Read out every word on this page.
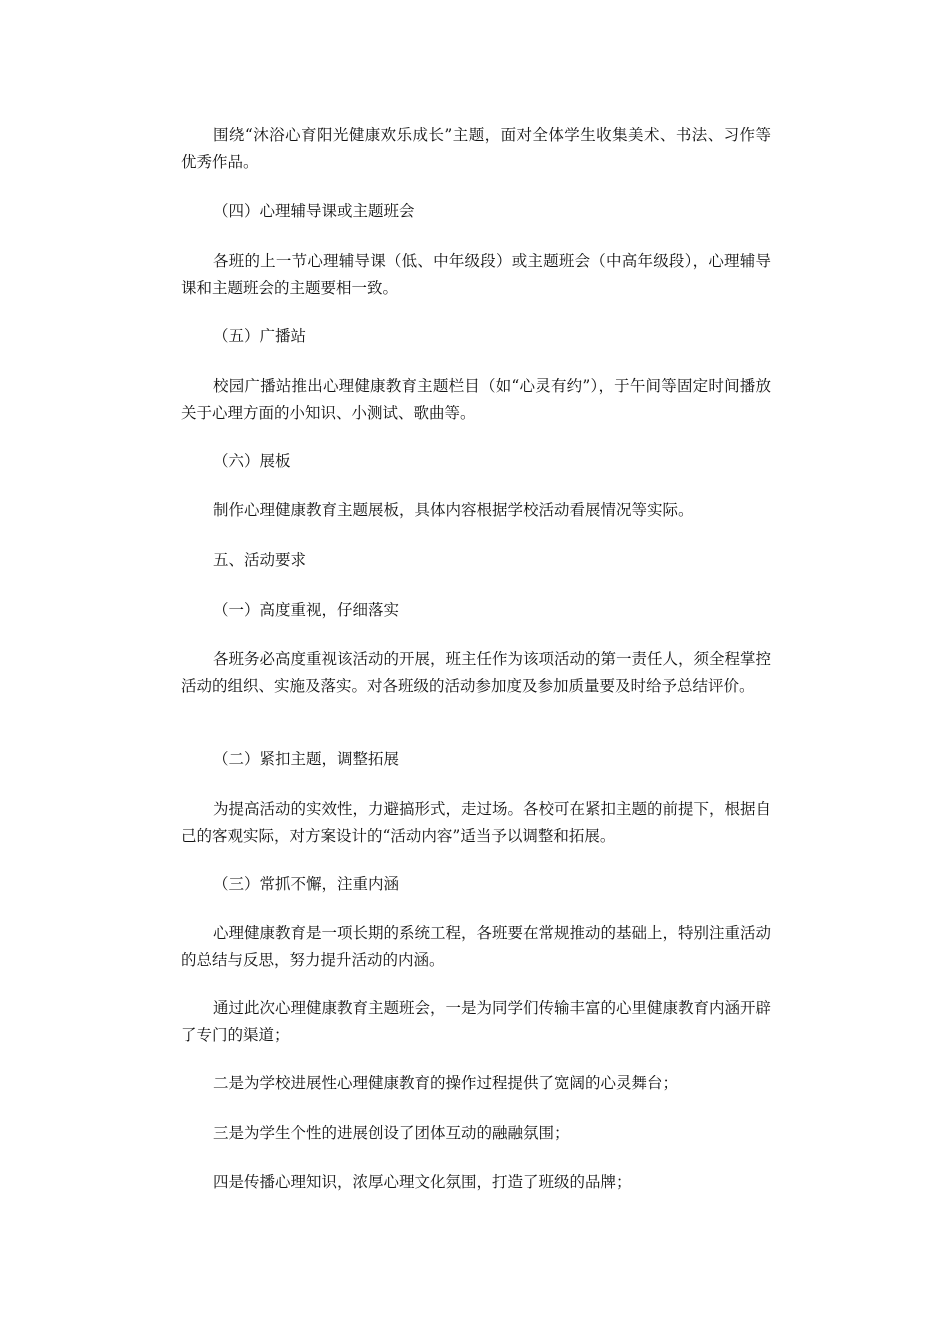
围绕“沐浴心育阳光健康欢乐成长”主题，面对全体学生收集美术、书法、习作等优秀作品。

（四）心理辅导课或主题班会

各班的上一节心理辅导课（低、中年级段）或主题班会（中高年级段），心理辅导课和主题班会的主题要相一致。

（五）广播站

校园广播站推出心理健康教育主题栏目（如“心灵有约”），于午间等固定时间播放关于心理方面的小知识、小测试、歌曲等。

（六）展板

制作心理健康教育主题展板，具体内容根据学校活动看展情况等实际。

五、活动要求

（一）高度重视，仔细落实

各班务必高度重视该活动的开展，班主任作为该项活动的第一责任人，须全程掌控活动的组织、实施及落实。对各班级的活动参加度及参加质量要及时给予总结评价。

（二）紧扣主题，调整拓展

为提高活动的实效性，力避搞形式，走过场。各校可在紧扣主题的前提下，根据自己的客观实际，对方案设计的“活动内容”适当予以调整和拓展。

（三）常抓不懈，注重内涵

心理健康教育是一项长期的系统工程，各班要在常规推动的基础上，特别注重活动的总结与反思，努力提升活动的内涵。

通过此次心理健康教育主题班会，一是为同学们传输丰富的心里健康教育内涵开辟了专门的渠道；

二是为学校进展性心理健康教育的操作过程提供了宽阔的心灵舞台；

三是为学生个性的进展创设了团体互动的融融氛围；

四是传播心理知识，浓厚心理文化氛围，打造了班级的品牌；
